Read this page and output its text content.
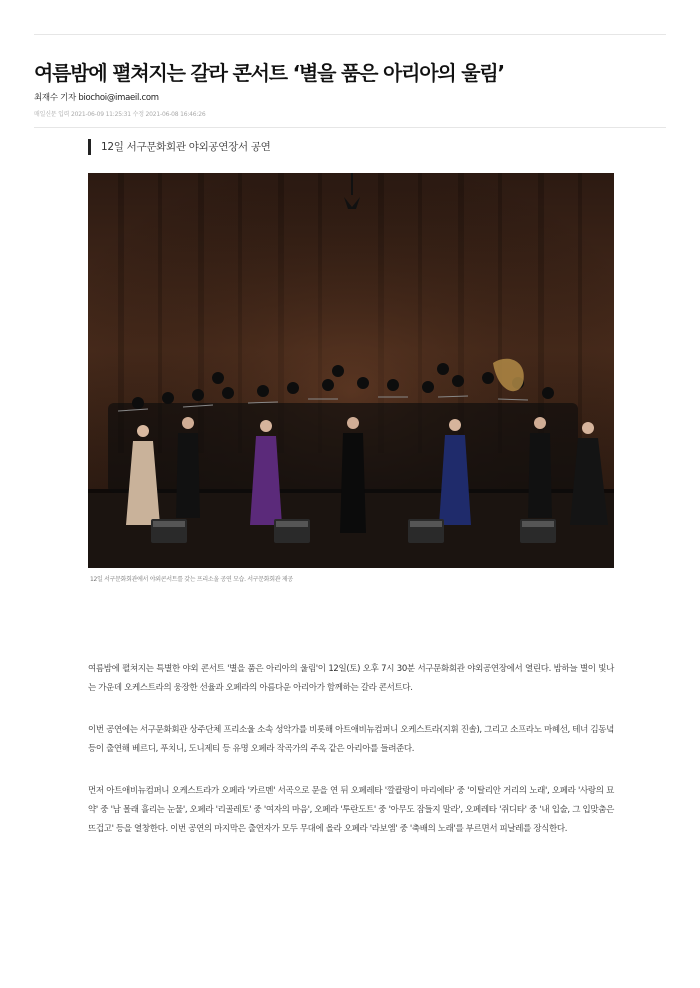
여름밤에 펼쳐지는 갈라 콘서트 ‘별을 품은 아리아의 울림’
최재수 기자 biochoi@imaeil.com
매일신문 입력 2021-06-09 11:25:31 수정 2021-06-08 16:46:26
12일 서구문화회관 야외공연장서 공연
12일 서구문화회관에서 야외콘서트를 갖는 프리소울 공연 모습. 서구문화회관 제공

여름밤에 펼쳐지는 특별한 야외 콘서트 '별을 품은 아리아의 울림'이 12일(토) 오후 7시 30분 서구문화회관 야외공연장에서 열린다. 밤하늘 별이 빛나는 가운데 오케스트라의 웅장한 선율과 오페라의 아름다운 아리아가 함께하는 갈라 콘서트다.

이번 공연에는 서구문화회관 상주단체 프리소울 소속 성악가를 비롯해 아트애비뉴컴퍼니 오케스트라(지휘 진솔), 그리고 소프라노 마혜선, 테너 김동녘 등이 출연해 베르디, 푸치니, 도니제티 등 유명 오페라 작곡가의 주옥 같은 아리아를 들려준다.

먼저 아트애비뉴컴퍼니 오케스트라가 오페라 '카르멘' 서곡으로 문을 연 뒤 오페레타 '깔괄랑이 마리에타' 중 '이탈리안 거리의 노래', 오페라 '사랑의 묘약' 중 '남 몰래 흘리는 눈물', 오페라 '리골레토' 중 '여자의 마음', 오페라 '투란도트' 중 '아무도 잠들지 말라', 오페레타 '쥐디타' 중 '내 입술, 그 입맞춤은 뜨겁고' 등을 열창한다. 이번 공연의 마지막은 출연자가 모두 무대에 올라 오페라 '라보엠' 중 '축배의 노래'를 부르면서 피날레를 장식한다.
